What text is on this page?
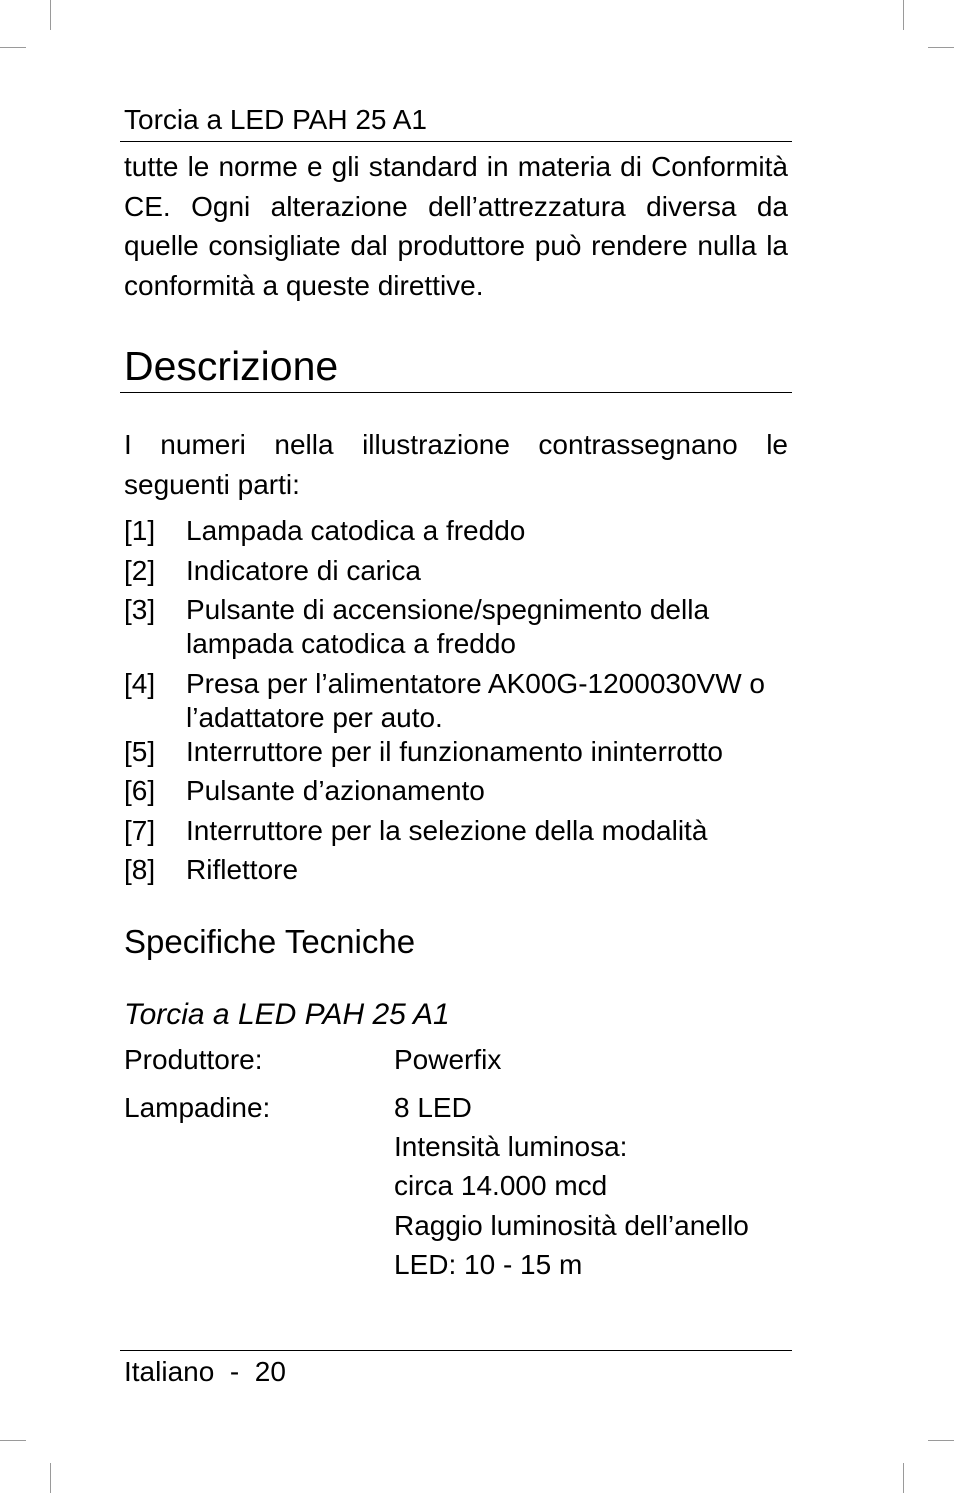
Torcia a LED PAH 25 A1
tutte le norme e gli standard in materia di Conformità CE. Ogni alterazione dell’attrezzatura diversa da quelle consigliate dal produttore può rendere nulla la conformità a queste direttive.
Descrizione
I numeri nella illustrazione contrassegnano le seguenti parti:
[1]	Lampada catodica a freddo
[2]	Indicatore di carica
[3]	Pulsante di accensione/spegnimento della lampada catodica a freddo
[4]	Presa per l’alimentatore AK00G-1200030VW o l’adattatore per auto.
[5]	Interruttore per il funzionamento ininterrotto
[6]	Pulsante d’azionamento
[7]	Interruttore per la selezione della modalità
[8]	Riflettore
Specifiche Tecniche
Torcia a LED PAH 25 A1
Produttore:	Powerfix
Lampadine:	8 LED
Intensità luminosa:
circa 14.000 mcd
Raggio luminosità dell’anello
LED: 10 - 15 m
Italiano - 20
